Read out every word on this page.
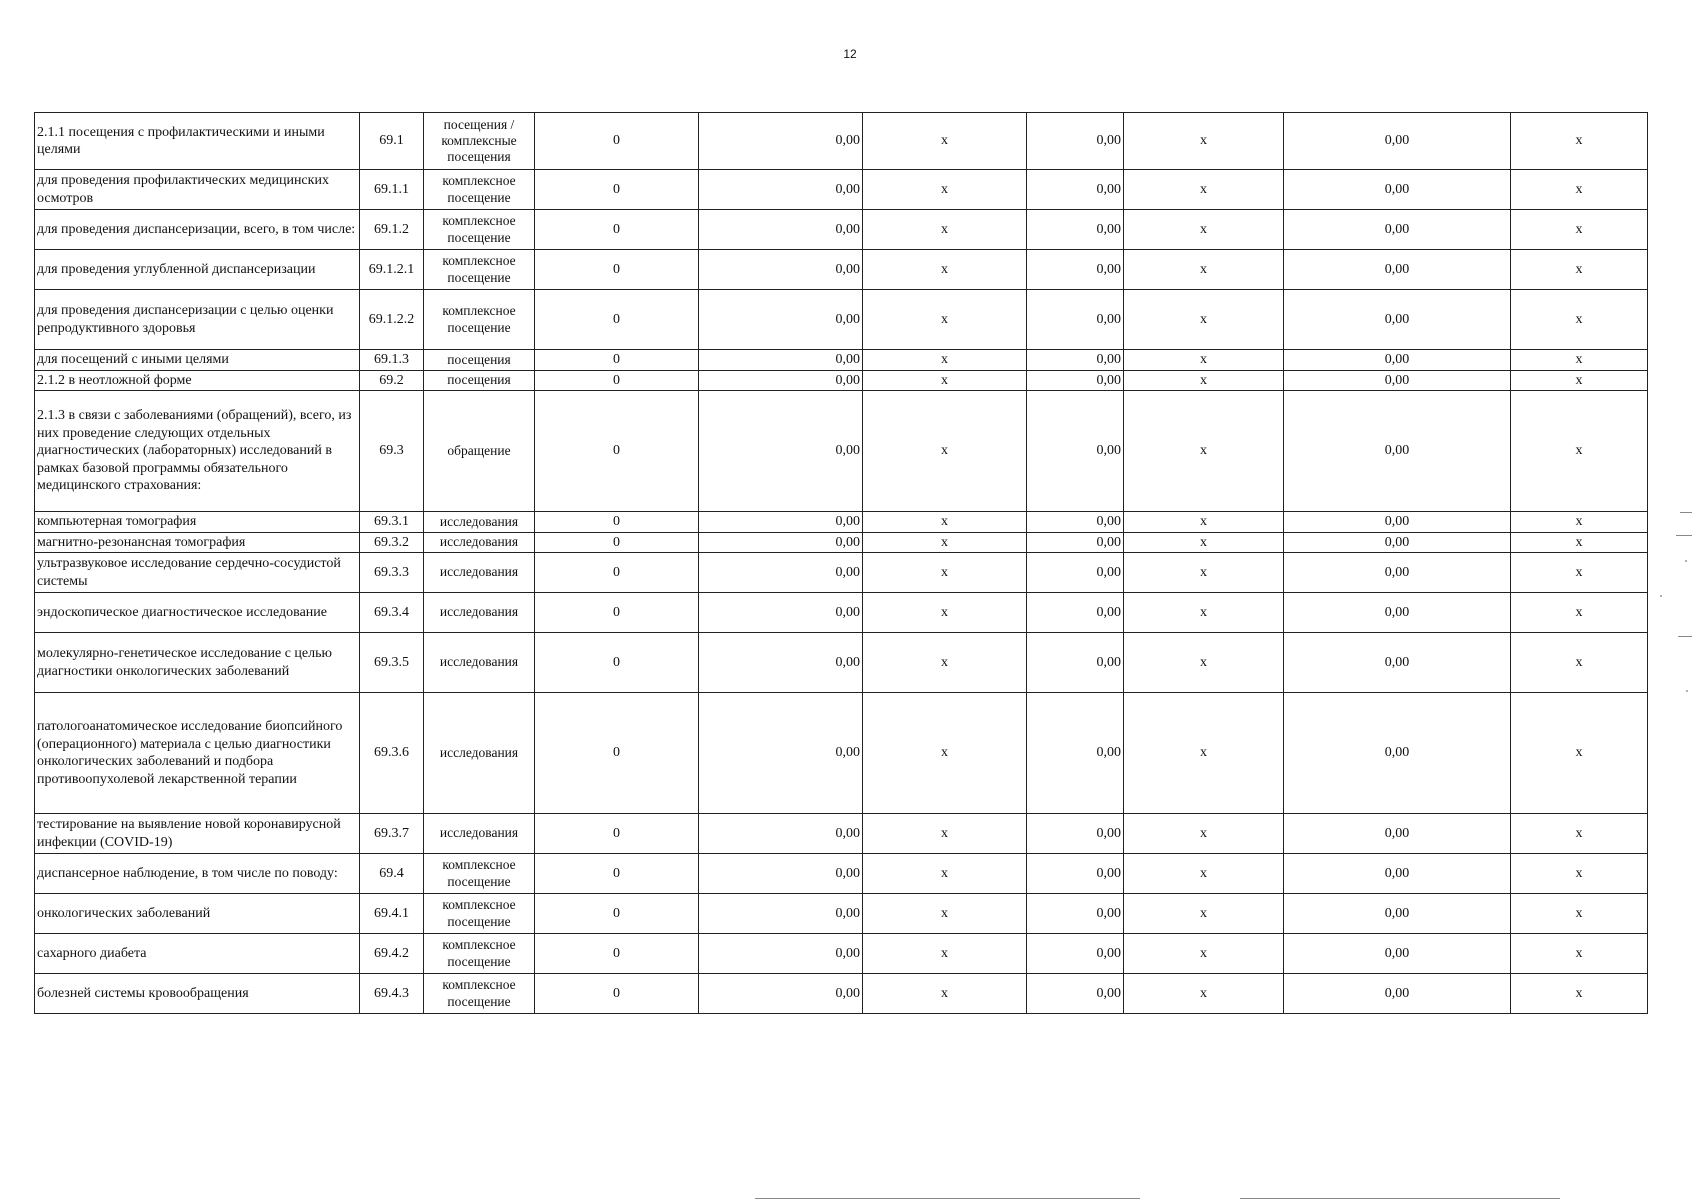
12
2.1.1 посещения с профилактическими и иными целями	69.1	посещения / комплексные посещения	0	0,00	х	0,00	х	0,00	х
для проведения профилактических медицинских осмотров	69.1.1	комплексное посещение	0	0,00	х	0,00	х	0,00	х
для проведения диспансеризации, всего, в том числе:	69.1.2	комплексное посещение	0	0,00	х	0,00	х	0,00	х
для проведения углубленной диспансеризации	69.1.2.1	комплексное посещение	0	0,00	х	0,00	х	0,00	х
для проведения диспансеризации с целью оценки репродуктивного здоровья	69.1.2.2	комплексное посещение	0	0,00	х	0,00	х	0,00	х
для посещений с иными целями	69.1.3	посещения	0	0,00	х	0,00	х	0,00	х
2.1.2 в неотложной форме	69.2	посещения	0	0,00	х	0,00	х	0,00	х
2.1.3 в связи с заболеваниями (обращений), всего, из них проведение следующих отдельных диагностических (лабораторных) исследований в рамках базовой программы обязательного медицинского страхования:	69.3	обращение	0	0,00	х	0,00	х	0,00	х
компьютерная томография	69.3.1	исследования	0	0,00	х	0,00	х	0,00	х
магнитно-резонансная томография	69.3.2	исследования	0	0,00	х	0,00	х	0,00	х
ультразвуковое исследование сердечно-сосудистой системы	69.3.3	исследования	0	0,00	х	0,00	х	0,00	х
эндоскопическое диагностическое исследование	69.3.4	исследования	0	0,00	х	0,00	х	0,00	х
молекулярно-генетическое исследование с целью диагностики онкологических заболеваний	69.3.5	исследования	0	0,00	х	0,00	х	0,00	х
патологоанатомическое исследование биопсийного (операционного) материала с целью диагностики онкологических заболеваний и подбора противоопухолевой лекарственной терапии	69.3.6	исследования	0	0,00	х	0,00	х	0,00	х
тестирование на выявление новой коронавирусной инфекции (COVID-19)	69.3.7	исследования	0	0,00	х	0,00	х	0,00	х
диспансерное наблюдение, в том числе по поводу:	69.4	комплексное посещение	0	0,00	х	0,00	х	0,00	х
онкологических заболеваний	69.4.1	комплексное посещение	0	0,00	х	0,00	х	0,00	х
сахарного диабета	69.4.2	комплексное посещение	0	0,00	х	0,00	х	0,00	х
болезней системы кровообращения	69.4.3	комплексное посещение	0	0,00	х	0,00	х	0,00	х
